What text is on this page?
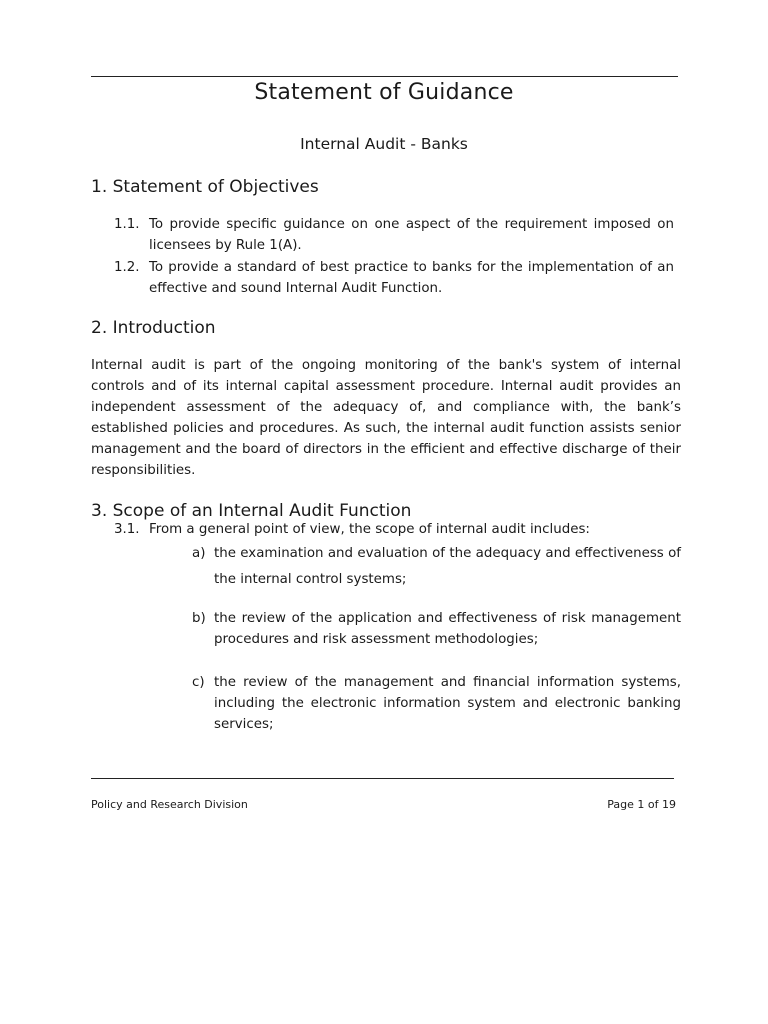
Statement of Guidance
Internal Audit - Banks
1. Statement of Objectives
1.1. To provide specific guidance on one aspect of the requirement imposed on licensees by Rule 1(A).
1.2. To provide a standard of best practice to banks for the implementation of an effective and sound Internal Audit Function.
2. Introduction

Internal audit is part of the ongoing monitoring of the bank's system of internal controls and of its internal capital assessment procedure. Internal audit provides an independent assessment of the adequacy of, and compliance with, the bank’s established policies and procedures. As such, the internal audit function assists senior management and the board of directors in the efficient and effective discharge of their responsibilities.

3. Scope of an Internal Audit Function
3.1. From a general point of view, the scope of internal audit includes:
a) the examination and evaluation of the adequacy and effectiveness of the internal control systems;
b) the review of the application and effectiveness of risk management procedures and risk assessment methodologies;
c) the review of the management and financial information systems, including the electronic information system and electronic banking services;
Policy and Research Division	Page 1 of 19
